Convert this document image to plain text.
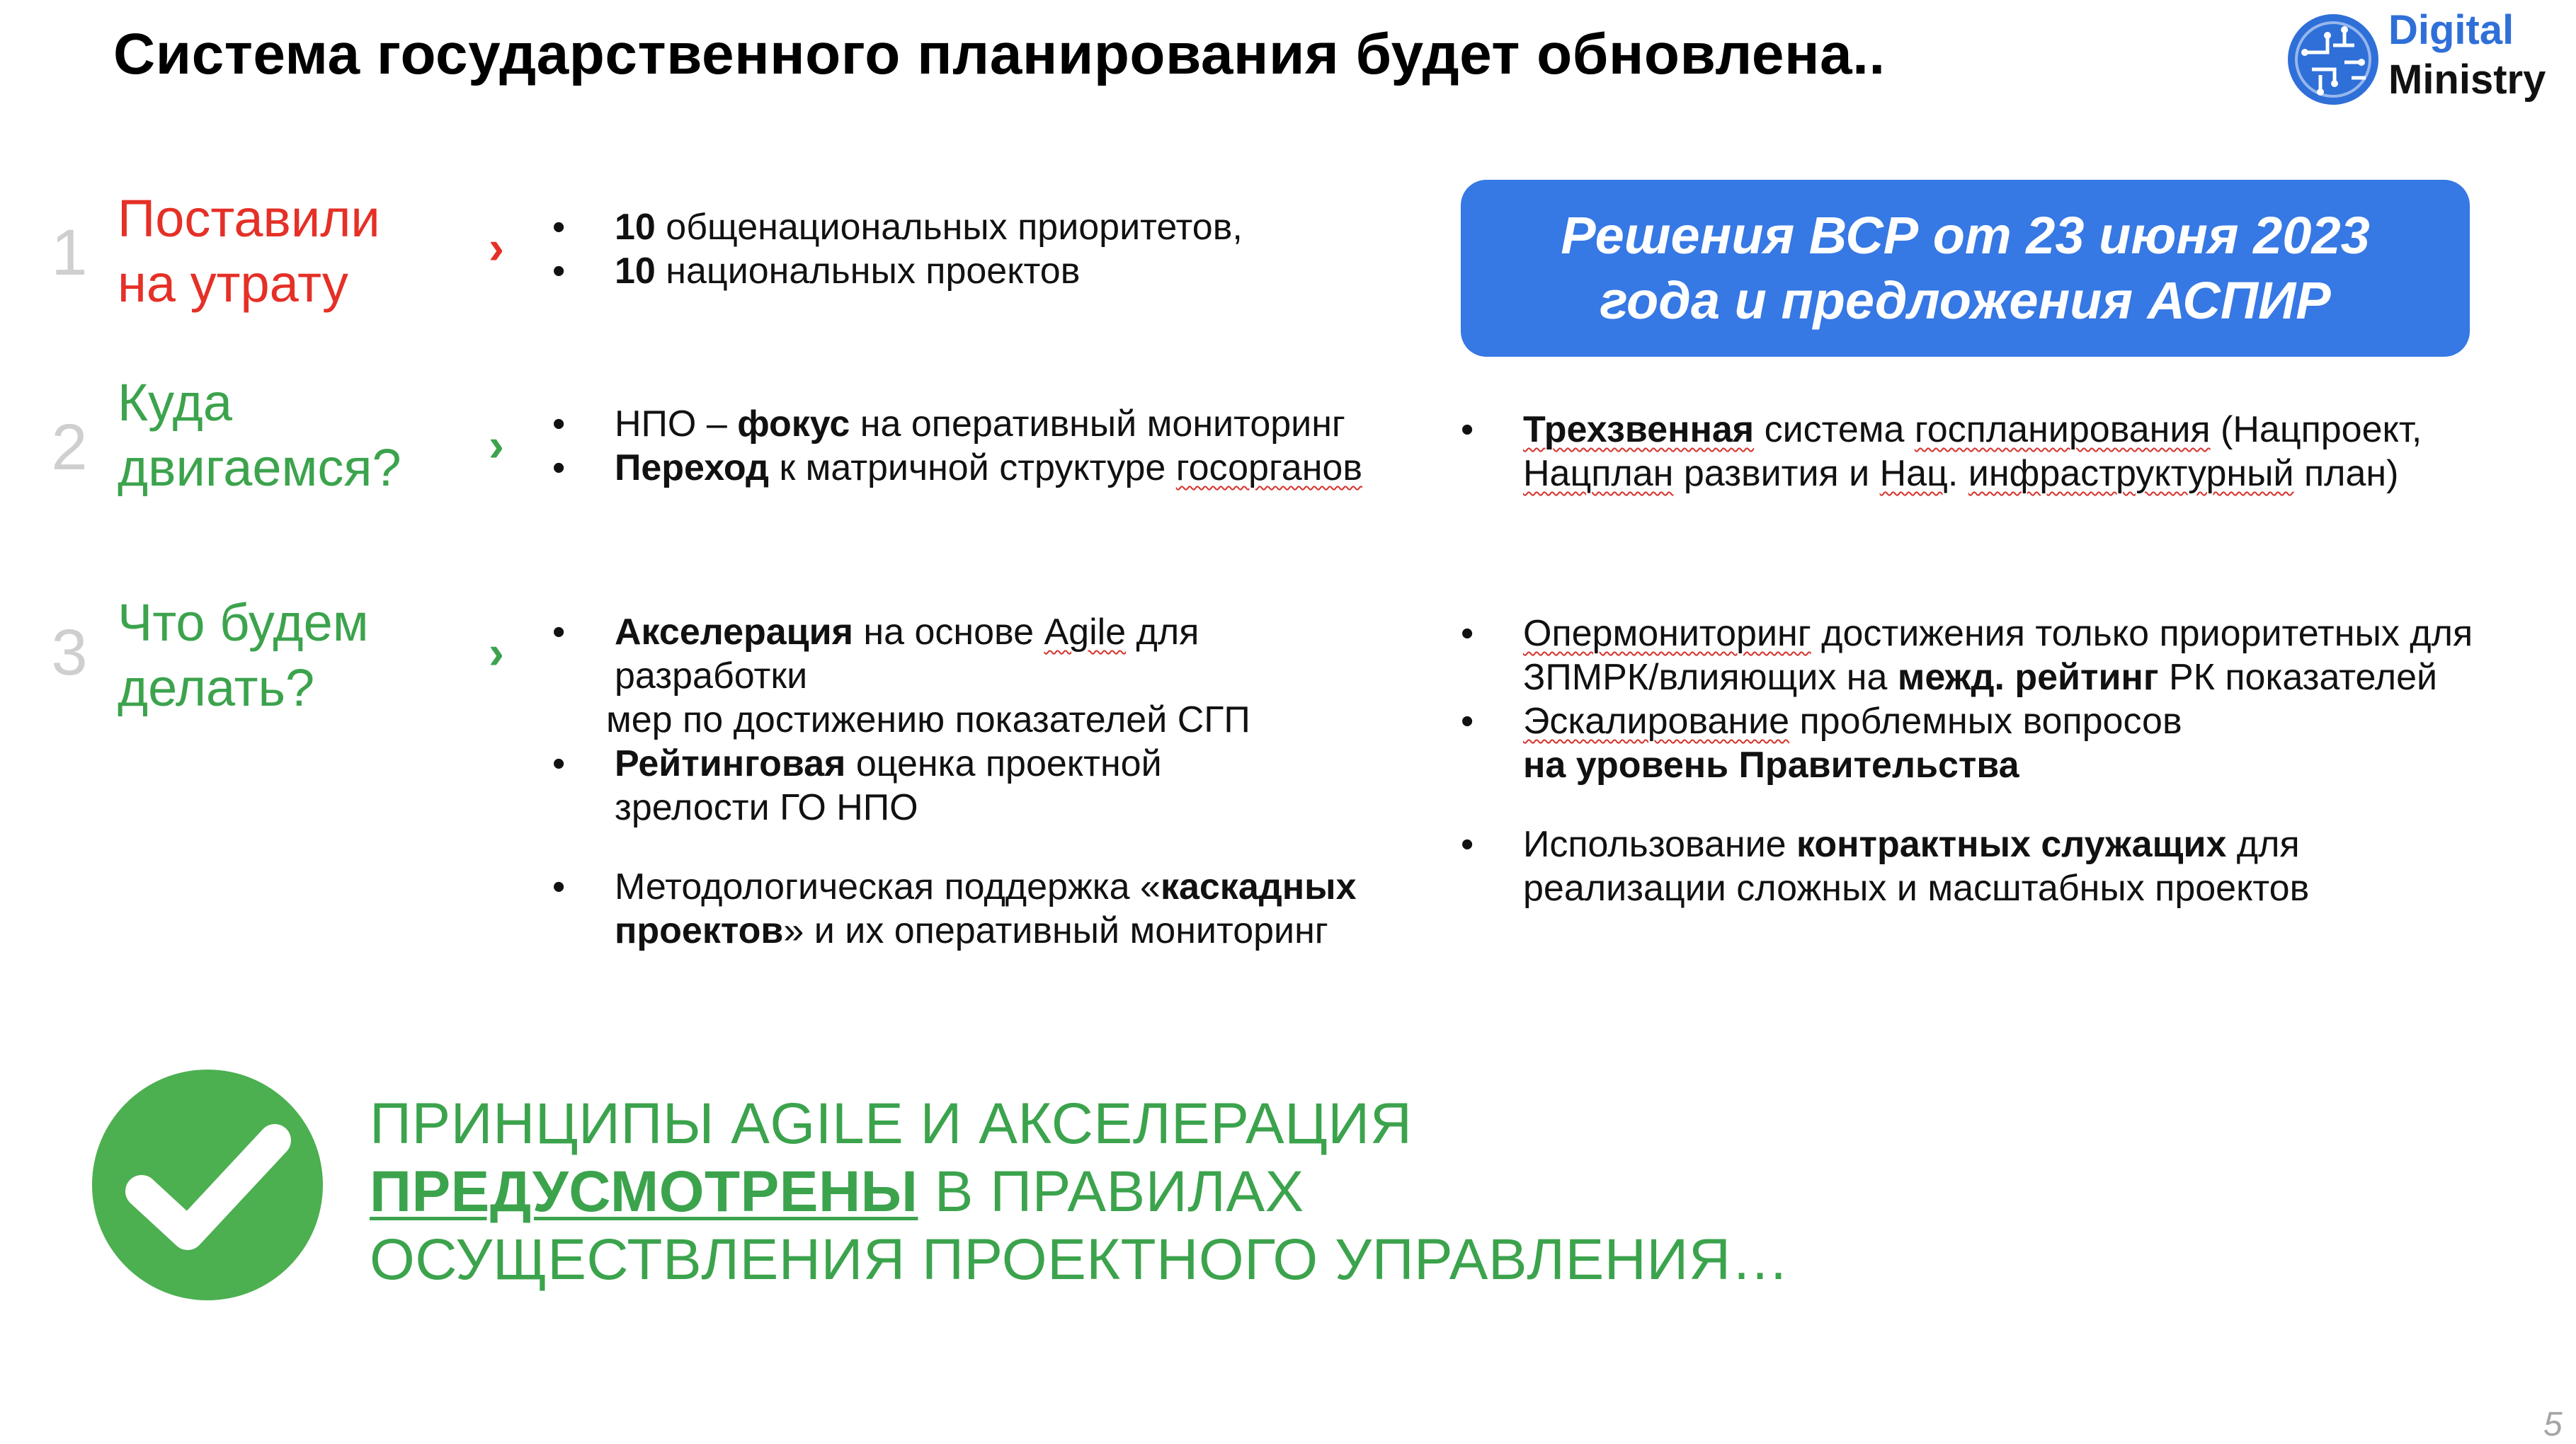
Система государственного планирования будет обновлена..	Digital
Ministry
1 Поставили
на утрату
›	• 10 общенациональных приоритетов,
• 10 национальных проектов
Решения ВСР от 23 июня 2023
года и предложения АСПИР
2
Куда
двигаемся? ›	• НПО – фокус на оперативный мониторинг
• Переход к матричной структуре госорганов
• Трехзвенная система госпланирования (Нацпроект, Нацплан развития и Нац. инфраструктурный план)
3 Что будем
делать?
›	• Акселерация на основе Agile для разработки
мер по достижению показателей СГП
• Рейтинговая оценка проектной зрелости ГО НПО
• Методологическая поддержка «каскадных проектов» и их оперативный мониторинг
• Опермониторинг достижения только приоритетных для ЗПМРК/влияющих на межд. рейтинг РК показателей
• Эскалирование проблемных вопросов
на уровень Правительства
• Использование контрактных служащих для реализации сложных и масштабных проектов
ПРИНЦИПЫ AGILE И АКСЕЛЕРАЦИЯ
ПРЕДУСМОТРЕНЫ В ПРАВИЛАХ
ОСУЩЕСТВЛЕНИЯ ПРОЕКТНОГО УПРАВЛЕНИЯ…
5
